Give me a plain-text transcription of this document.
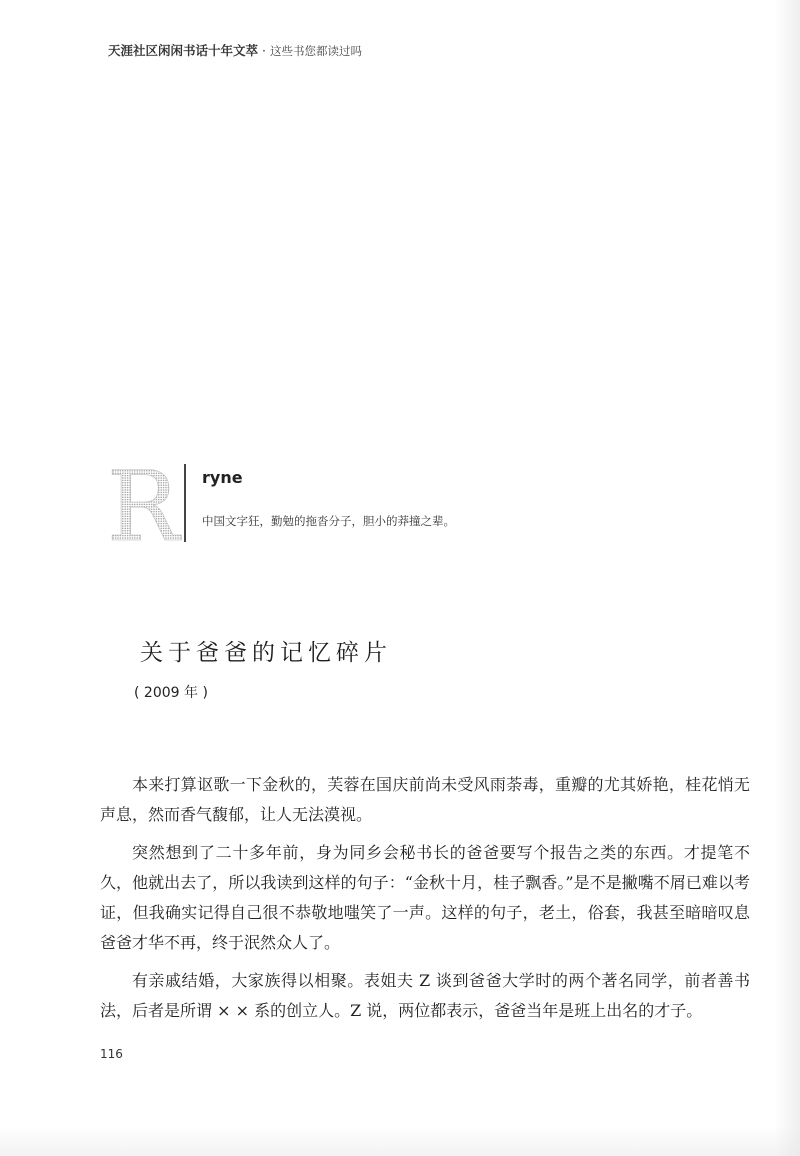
天涯社区闲闲书话十年文萃 · 这些书您都读过吗
R ryne
中国文字狂，勤勉的拖沓分子，胆小的莽撞之辈。
关于爸爸的记忆碎片
( 2009 年 )

本来打算讴歌一下金秋的，芙蓉在国庆前尚未受风雨荼毒，重瓣的尤其娇艳，桂花悄无声息，然而香气馥郁，让人无法漠视。

突然想到了二十多年前，身为同乡会秘书长的爸爸要写个报告之类的东西。才提笔不久，他就出去了，所以我读到这样的句子：“金秋十月，桂子飘香。”是不是撇嘴不屑已难以考证，但我确实记得自己很不恭敬地嗤笑了一声。这样的句子，老土，俗套，我甚至暗暗叹息爸爸才华不再，终于泯然众人了。

有亲戚结婚，大家族得以相聚。表姐夫 Z 谈到爸爸大学时的两个著名同学，前者善书法，后者是所谓 × × 系的创立人。Z 说，两位都表示，爸爸当年是班上出名的才子。

116
